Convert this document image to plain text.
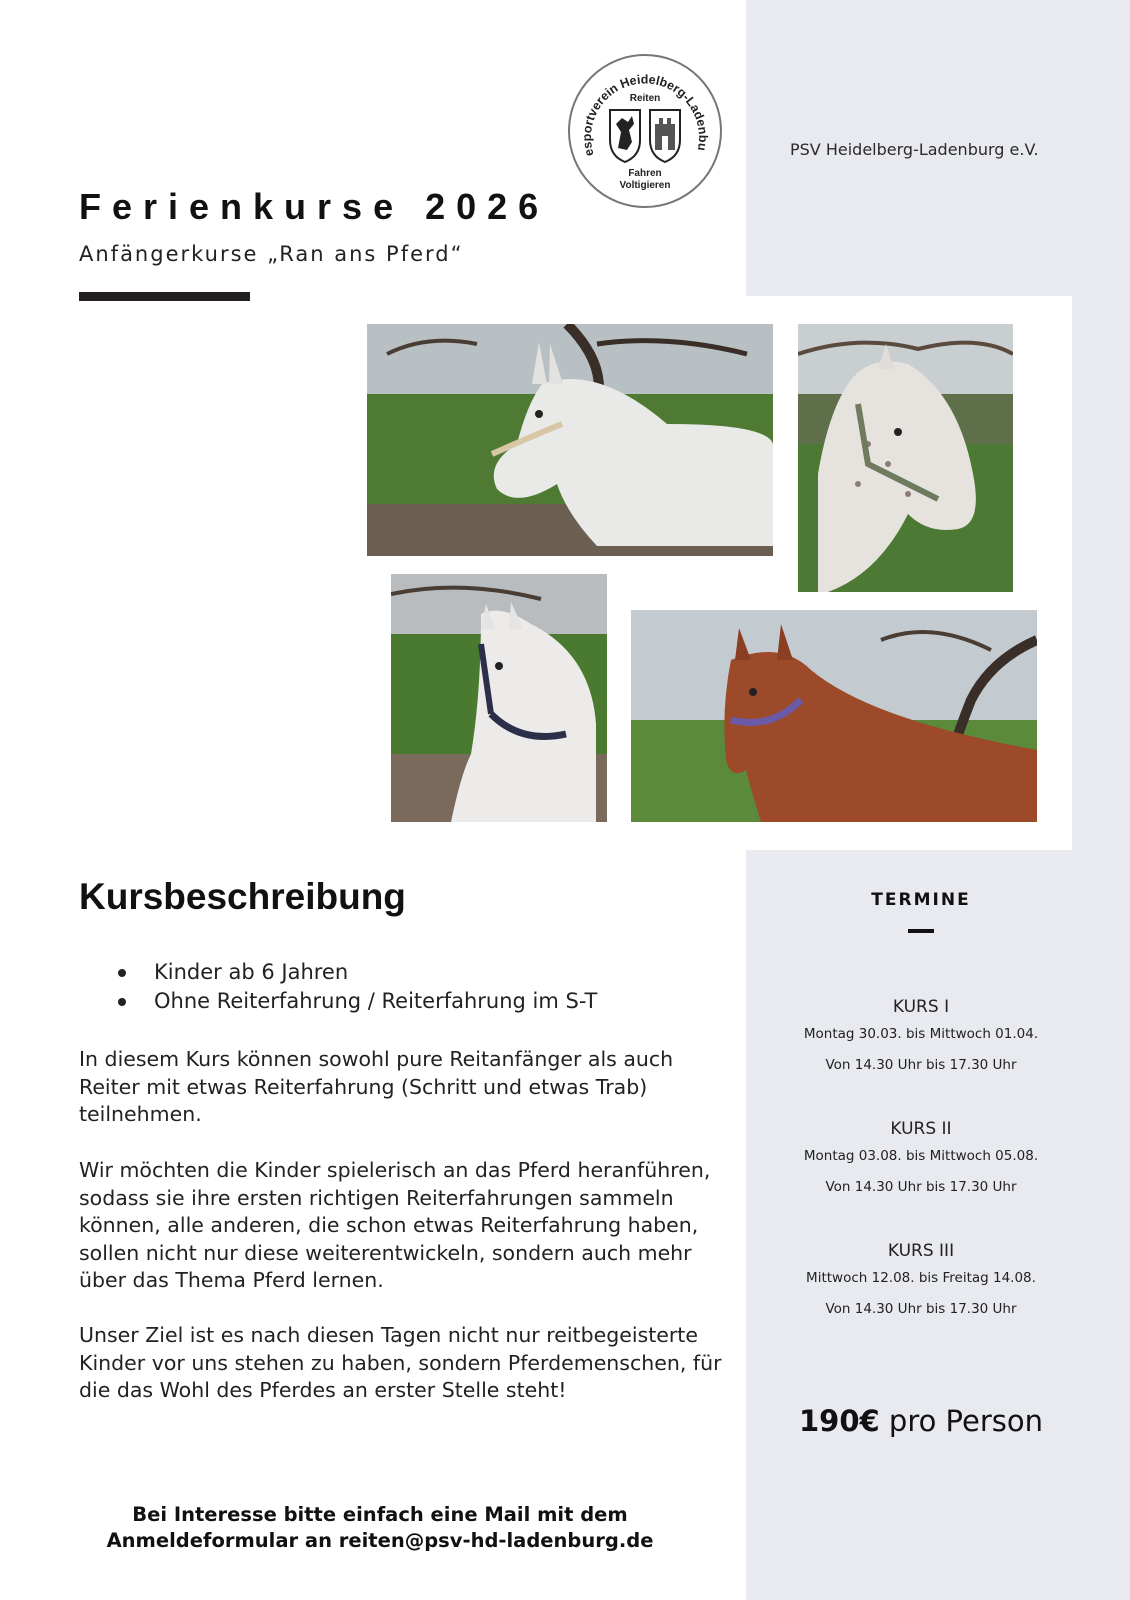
esportverein Heidelberg-Ladenbu
Reiten
Fahren
Voltigieren
PSV Heidelberg-Ladenburg e.V.
Ferienkurse 2026
Anfängerkurse „Ran ans Pferd“
Kursbeschreibung
Kinder ab 6 Jahren
Ohne Reiterfahrung / Reiterfahrung im S-T

In diesem Kurs können sowohl pure Reitanfänger als auch Reiter mit etwas Reiterfahrung (Schritt und etwas Trab) teilnehmen.

Wir möchten die Kinder spielerisch an das Pferd heranführen, sodass sie ihre ersten richtigen Reiterfahrungen sammeln können, alle anderen, die schon etwas Reiterfahrung haben, sollen nicht nur diese weiterentwickeln, sondern auch mehr über das Thema Pferd lernen.

Unser Ziel ist es nach diesen Tagen nicht nur reitbegeisterte Kinder vor uns stehen zu haben, sondern Pferdemenschen, für die das Wohl des Pferdes an erster Stelle steht!

Bei Interesse bitte einfach eine Mail mit dem
Anmeldeformular an reiten@psv-hd-ladenburg.de
TERMINE

KURS I

Montag 30.03. bis Mittwoch 01.04.

Von 14.30 Uhr bis 17.30 Uhr

KURS II

Montag 03.08. bis Mittwoch 05.08.

Von 14.30 Uhr bis 17.30 Uhr

KURS III

Mittwoch 12.08. bis Freitag 14.08.

Von 14.30 Uhr bis 17.30 Uhr

190€ pro Person
